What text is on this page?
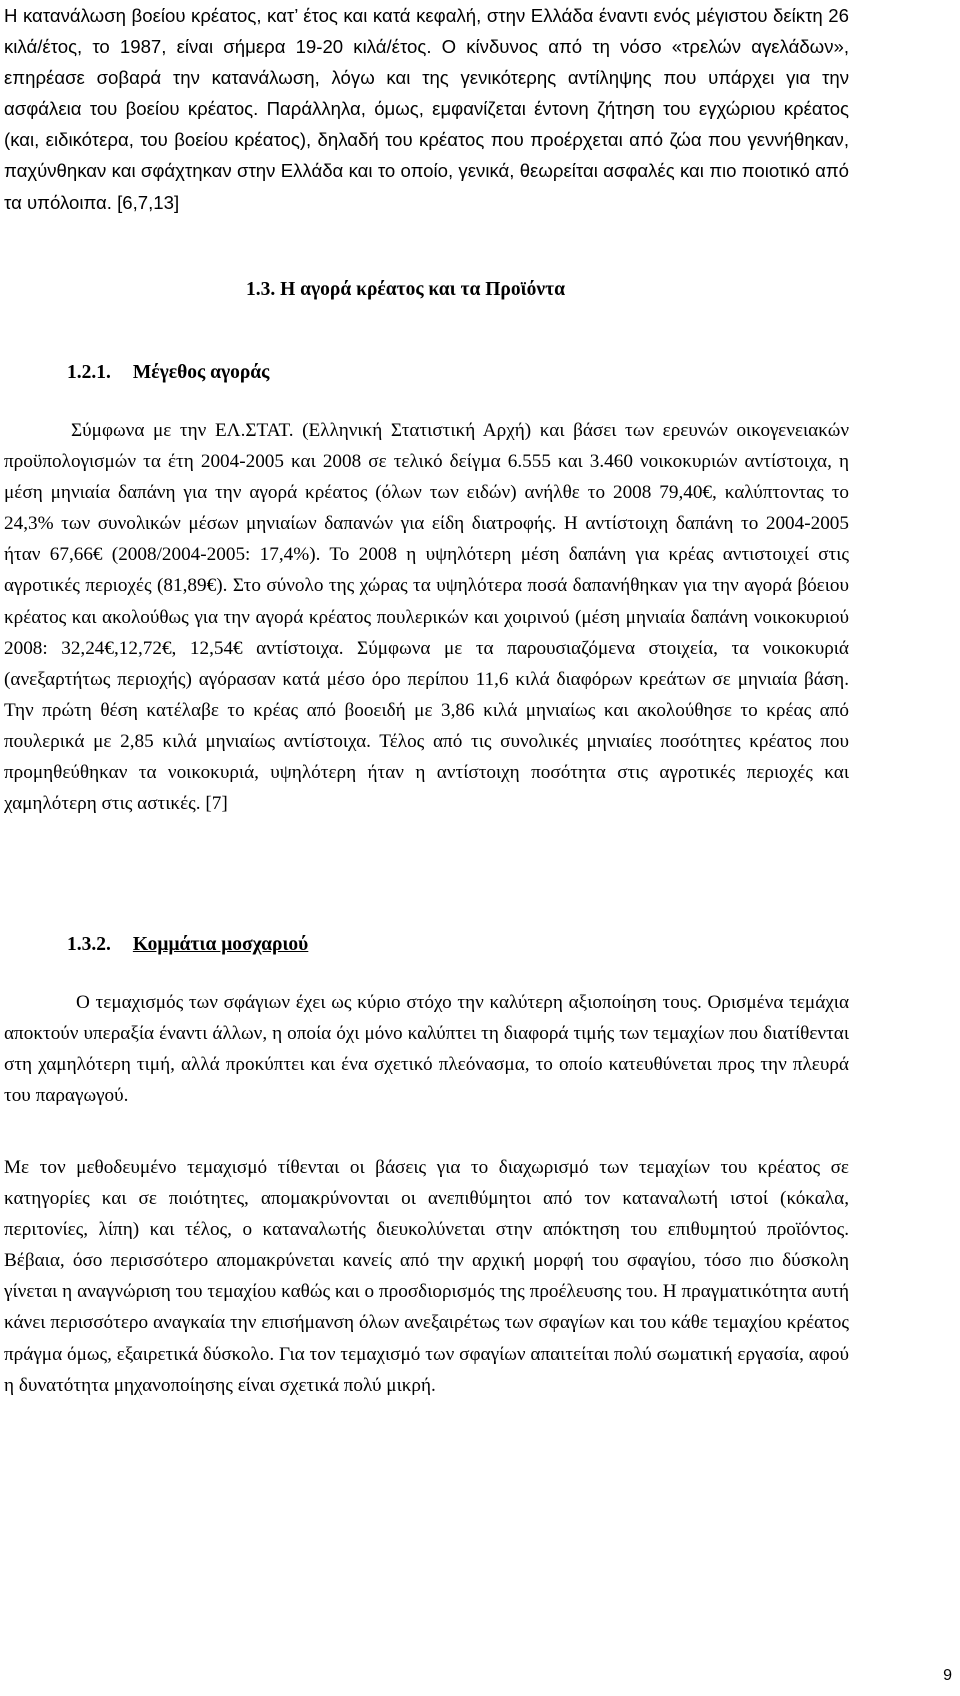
Η κατανάλωση βοείου κρέατος, κατ’ έτος και κατά κεφαλή, στην Ελλάδα έναντι ενός μέγιστου δείκτη 26 κιλά/έτος, το 1987, είναι σήμερα 19-20 κιλά/έτος. Ο κίνδυνος από τη νόσο «τρελών αγελάδων», επηρέασε σοβαρά την κατανάλωση, λόγω και της γενικότερης αντίληψης που υπάρχει για την ασφάλεια του βοείου κρέατος. Παράλληλα, όμως, εμφανίζεται έντονη ζήτηση του εγχώριου κρέατος (και, ειδικότερα, του βοείου κρέατος), δηλαδή του κρέατος που προέρχεται από ζώα που γεννήθηκαν, παχύνθηκαν και σφάχτηκαν στην Ελλάδα και το οποίο, γενικά, θεωρείται ασφαλές και πιο ποιοτικό από τα υπόλοιπα. [6,7,13]

1.3. Η αγορά κρέατος και τα Προϊόντα
1.2.1. Μέγεθος αγοράς

Σύμφωνα με την ΕΛ.ΣΤΑΤ. (Ελληνική Στατιστική Αρχή) και βάσει των ερευνών οικογενειακών προϋπολογισμών τα έτη 2004-2005 και 2008 σε τελικό δείγμα 6.555 και 3.460 νοικοκυριών αντίστοιχα, η μέση μηνιαία δαπάνη για την αγορά κρέατος (όλων των ειδών) ανήλθε το 2008 79,40€, καλύπτοντας το 24,3% των συνολικών μέσων μηνιαίων δαπανών για είδη διατροφής. Η αντίστοιχη δαπάνη το 2004-2005 ήταν 67,66€ (2008/2004-2005: 17,4%). Το 2008 η υψηλότερη μέση δαπάνη για κρέας αντιστοιχεί στις αγροτικές περιοχές (81,89€). Στο σύνολο της χώρας τα υψηλότερα ποσά δαπανήθηκαν για την αγορά βόειου κρέατος και ακολούθως για την αγορά κρέατος πουλερικών και χοιρινού (μέση μηνιαία δαπάνη νοικοκυριού 2008: 32,24€,12,72€, 12,54€ αντίστοιχα. Σύμφωνα με τα παρουσιαζόμενα στοιχεία, τα νοικοκυριά (ανεξαρτήτως περιοχής) αγόρασαν κατά μέσο όρο περίπου 11,6 κιλά διαφόρων κρεάτων σε μηνιαία βάση. Την πρώτη θέση κατέλαβε το κρέας από βοοειδή με 3,86 κιλά μηνιαίως και ακολούθησε το κρέας από πουλερικά με 2,85 κιλά μηνιαίως αντίστοιχα. Τέλος από τις συνολικές μηνιαίες ποσότητες κρέατος που προμηθεύθηκαν τα νοικοκυριά, υψηλότερη ήταν η αντίστοιχη ποσότητα στις αγροτικές περιοχές και χαμηλότερη στις αστικές. [7]

1.3.2. Κομμάτια μοσχαριού

Ο τεμαχισμός των σφάγιων έχει ως κύριο στόχο την καλύτερη αξιοποίηση τους. Ορισμένα τεμάχια αποκτούν υπεραξία έναντι άλλων, η οποία όχι μόνο καλύπτει τη διαφορά τιμής των τεμαχίων που διατίθενται στη χαμηλότερη τιμή, αλλά προκύπτει και ένα σχετικό πλεόνασμα, το οποίο κατευθύνεται προς την πλευρά του παραγωγού.

Με τον μεθοδευμένο τεμαχισμό τίθενται οι βάσεις για το διαχωρισμό των τεμαχίων του κρέατος σε κατηγορίες και σε ποιότητες, απομακρύνονται οι ανεπιθύμητοι από τον καταναλωτή ιστοί (κόκαλα, περιτονίες, λίπη) και τέλος, ο καταναλωτής διευκολύνεται στην απόκτηση του επιθυμητού προϊόντος. Βέβαια, όσο περισσότερο απομακρύνεται κανείς από την αρχική μορφή του σφαγίου, τόσο πιο δύσκολη γίνεται η αναγνώριση του τεμαχίου καθώς και ο προσδιορισμός της προέλευσης του. Η πραγματικότητα αυτή κάνει περισσότερο αναγκαία την επισήμανση όλων ανεξαιρέτως των σφαγίων και του κάθε τεμαχίου κρέατος πράγμα όμως, εξαιρετικά δύσκολο. Για τον τεμαχισμό των σφαγίων απαιτείται πολύ σωματική εργασία, αφού η δυνατότητα μηχανοποίησης είναι σχετικά πολύ μικρή.

9
